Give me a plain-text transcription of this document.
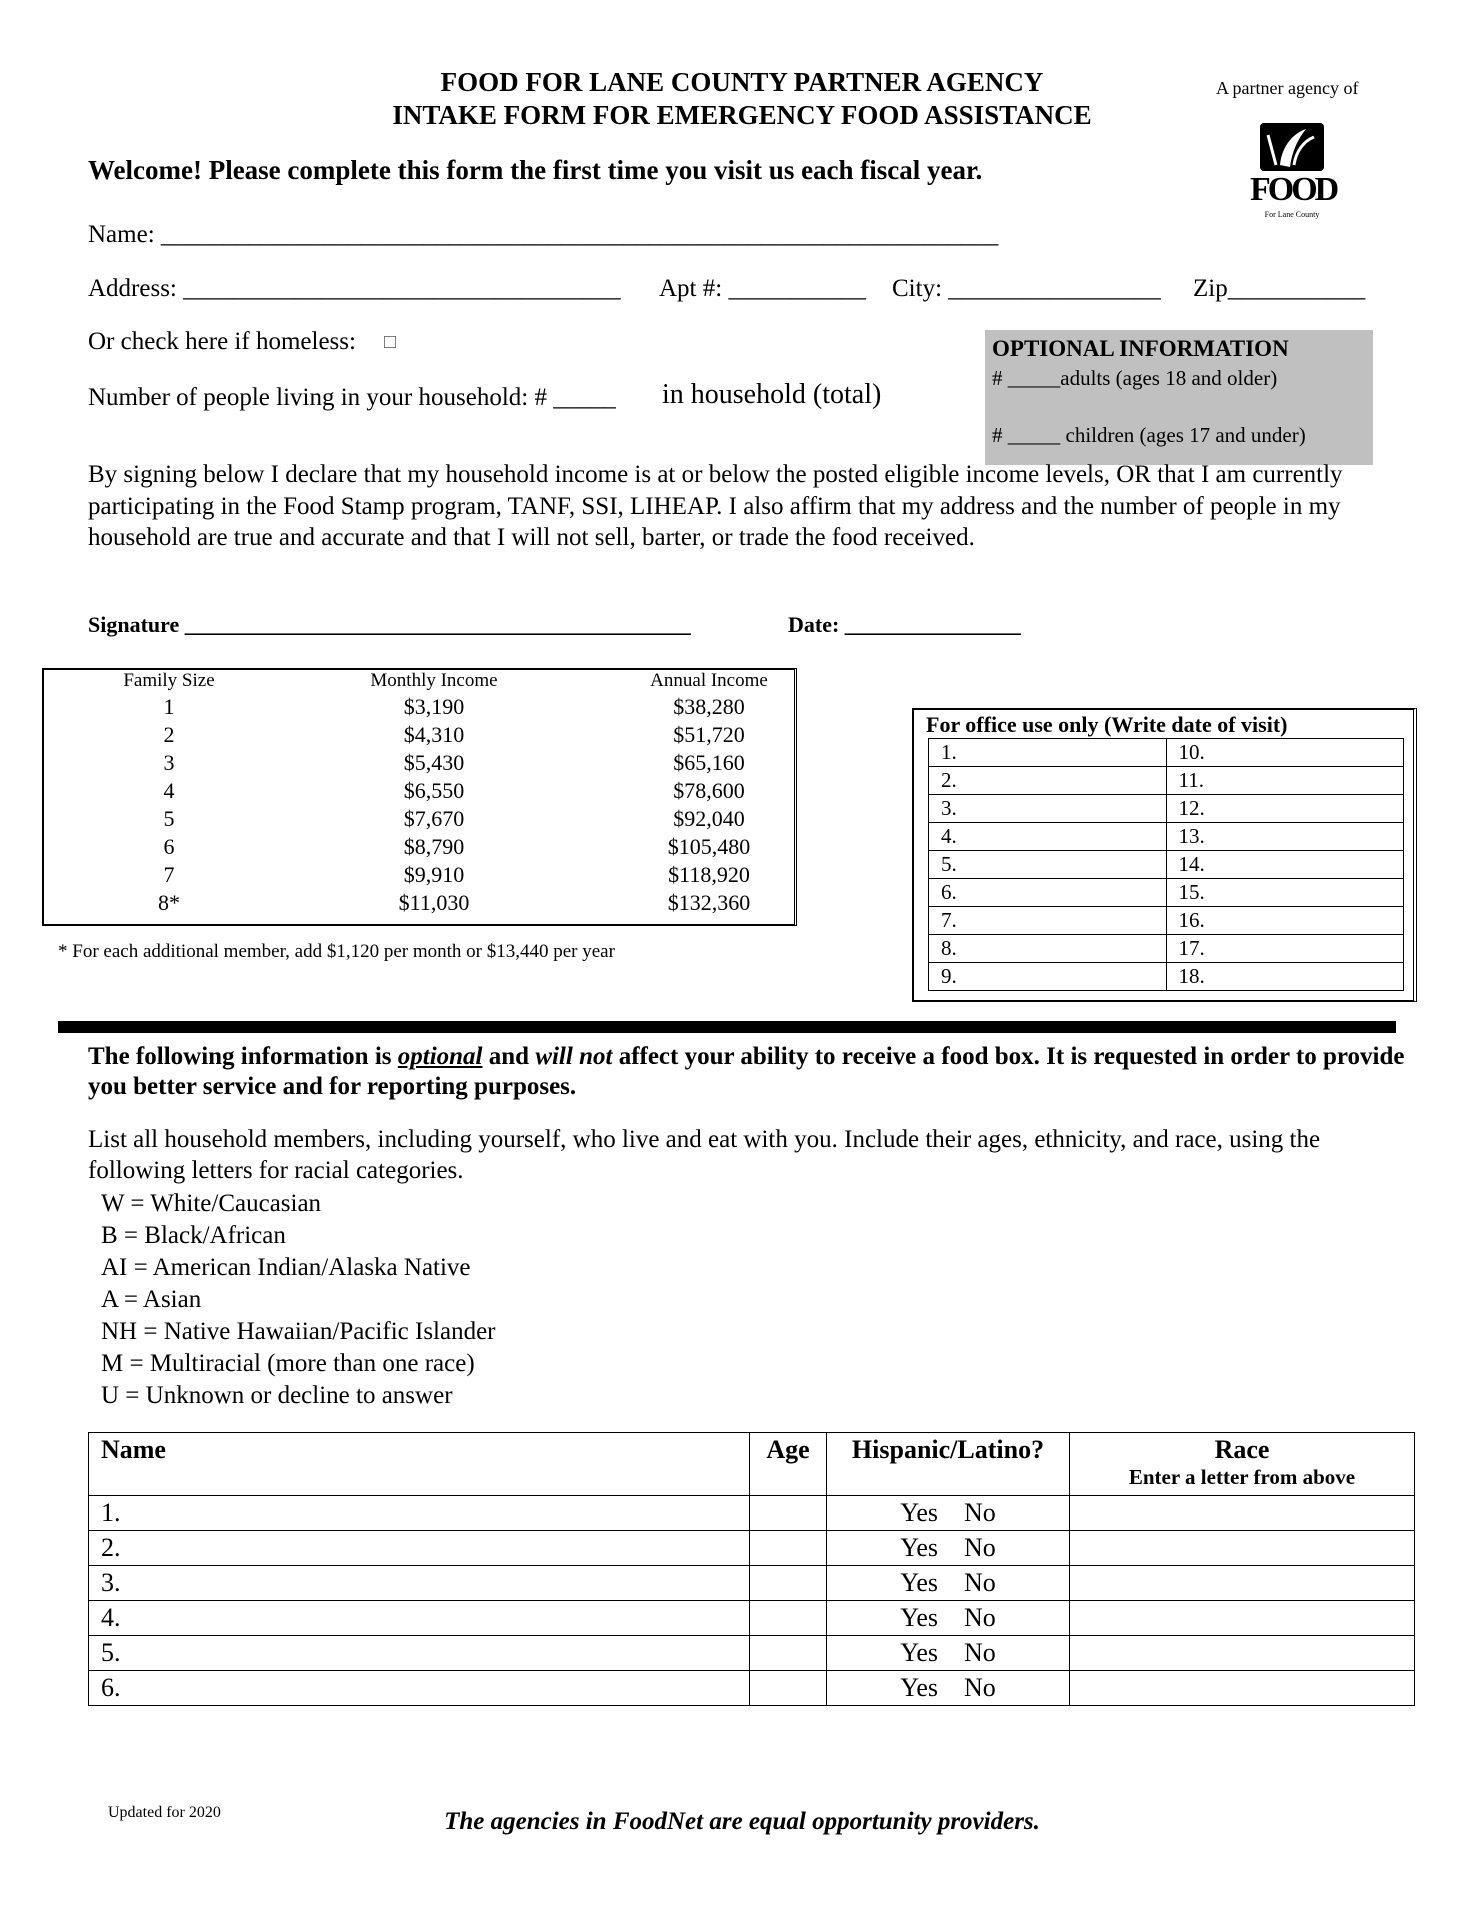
FOOD FOR LANE COUNTY PARTNER AGENCY
INTAKE FORM FOR EMERGENCY FOOD ASSISTANCE
A partner agency of
FOOD
For Lane County
Welcome! Please complete this form the first time you visit us each fiscal year.
Name: ___________________________________________________________________
Address: ___________________________________ Apt #: ___________ City: _________________ Zip___________
Or check here if homeless: □
Number of people living in your household: # _____ in household (total)
OPTIONAL INFORMATION
# _____adults (ages 18 and older)
# _____ children (ages 17 and under)
By signing below I declare that my household income is at or below the posted eligible income levels, OR that I am currently participating in the Food Stamp program, TANF, SSI, LIHEAP. I also affirm that my address and the number of people in my household are true and accurate and that I will not sell, barter, or trade the food received.
Signature ______________________________________________	Date: ________________
Family Size	Monthly Income	Annual Income
1	$3,190	$38,280
2	$4,310	$51,720
3	$5,430	$65,160
4	$6,550	$78,600
5	$7,670	$92,040
6	$8,790	$105,480
7	$9,910	$118,920
8*	$11,030	$132,360
* For each additional member, add $1,120 per month or $13,440 per year
For office use only (Write date of visit)
1.	10.
2.	11.
3.	12.
4.	13.
5.	14.
6.	15.
7.	16.
8.	17.
9.	18.
The following information is optional and will not affect your ability to receive a food box. It is requested in order to provide you better service and for reporting purposes.
List all household members, including yourself, who live and eat with you. Include their ages, ethnicity, and race, using the following letters for racial categories.
W = White/Caucasian
B = Black/African
AI = American Indian/Alaska Native
A = Asian
NH = Native Hawaiian/Pacific Islander
M = Multiracial (more than one race)
U = Unknown or decline to answer
Name	Age	Hispanic/Latino?	Race
Enter a letter from above

1.		Yes No	
2.		Yes No	
3.		Yes No	
4.		Yes No	
5.		Yes No	
6.		Yes No	
Updated for 2020	The agencies in FoodNet are equal opportunity providers.
